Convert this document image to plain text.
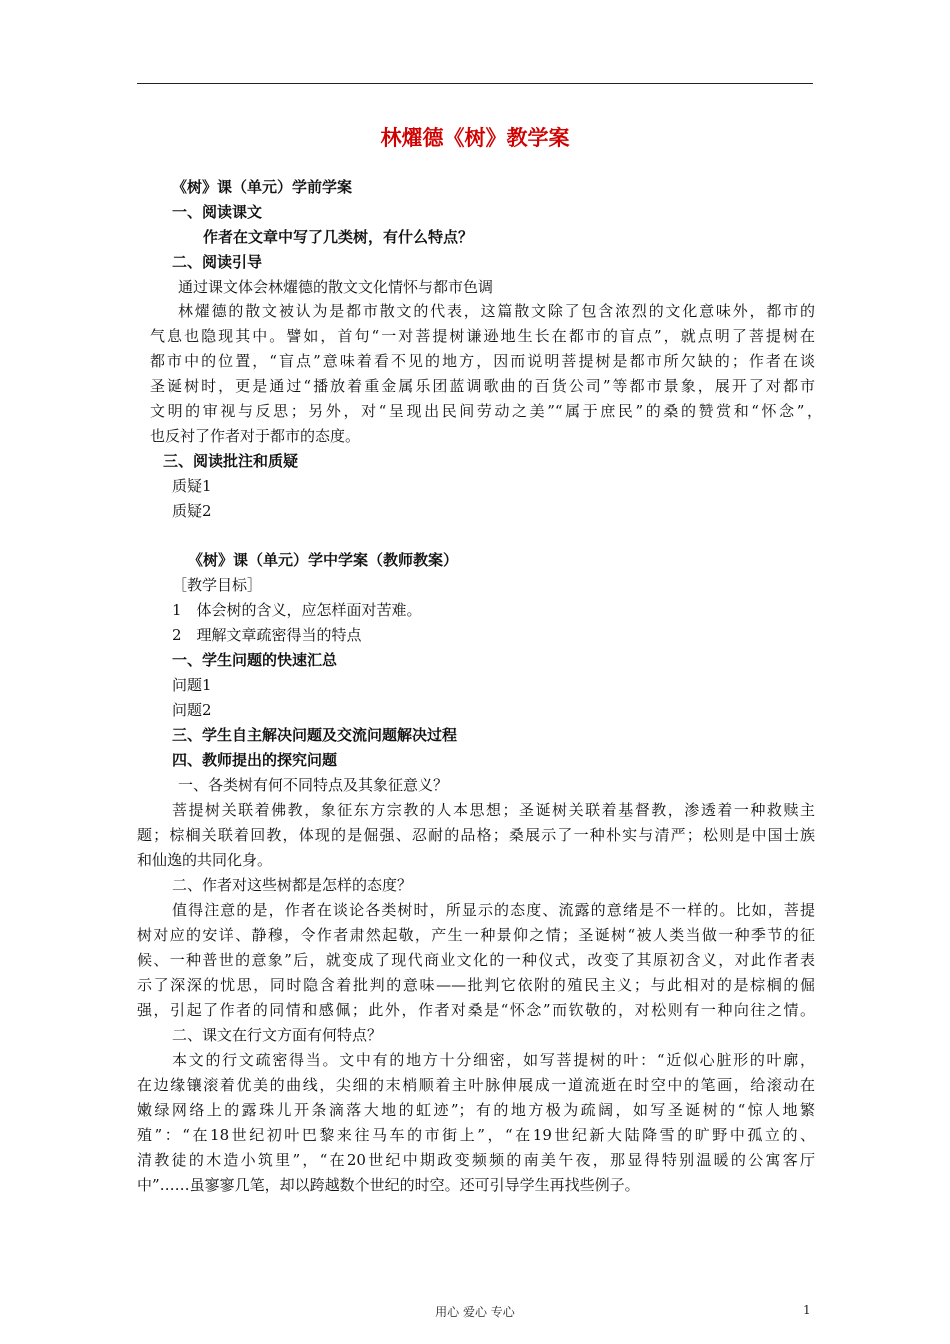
林燿德《树》教学案
《树》课（单元）学前学案
一、阅读课文
作者在文章中写了几类树，有什么特点？
二、阅读引导
通过课文体会林燿德的散文文化情怀与都市色调
林燿德的散文被认为是都市散文的代表，这篇散文除了包含浓烈的文化意味外，都市的
气息也隐现其中。譬如，首句“一对菩提树谦逊地生长在都市的盲点”，就点明了菩提树在
都市中的位置，“盲点”意味着看不见的地方，因而说明菩提树是都市所欠缺的；作者在谈
圣诞树时，更是通过“播放着重金属乐团蓝调歌曲的百货公司”等都市景象，展开了对都市
文明的审视与反思；另外，对“呈现出民间劳动之美”“属于庶民”的桑的赞赏和“怀念”，
也反衬了作者对于都市的态度。
三、阅读批注和质疑
质疑1
质疑2
《树》课（单元）学中学案（教师教案）
［教学目标］
1　体会树的含义，应怎样面对苦难。
2　理解文章疏密得当的特点
一、学生问题的快速汇总
问题1
问题2
三、学生自主解决问题及交流问题解决过程
四、教师提出的探究问题
一、各类树有何不同特点及其象征意义？
菩提树关联着佛教，象征东方宗教的人本思想；圣诞树关联着基督教，渗透着一种救赎主
题；棕榈关联着回教，体现的是倔强、忍耐的品格；桑展示了一种朴实与清严；松则是中国士族
和仙逸的共同化身。
二、作者对这些树都是怎样的态度？
值得注意的是，作者在谈论各类树时，所显示的态度、流露的意绪是不一样的。比如，菩提
树对应的安详、静穆，令作者肃然起敬，产生一种景仰之情；圣诞树“被人类当做一种季节的征
候、一种普世的意象”后，就变成了现代商业文化的一种仪式，改变了其原初含义，对此作者表
示了深深的忧思，同时隐含着批判的意味——批判它依附的殖民主义；与此相对的是棕榈的倔
强，引起了作者的同情和感佩；此外，作者对桑是“怀念”而钦敬的，对松则有一种向往之情。
二、课文在行文方面有何特点？
本文的行文疏密得当。文中有的地方十分细密，如写菩提树的叶：“近似心脏形的叶廓，
在边缘镶滚着优美的曲线，尖细的末梢顺着主叶脉伸展成一道流逝在时空中的笔画，给滚动在
嫩绿网络上的露珠儿开条滴落大地的虹迹”；有的地方极为疏阔，如写圣诞树的“惊人地繁
殖”：“在18世纪初叶巴黎来往马车的市街上”，“在19世纪新大陆降雪的旷野中孤立的、
清教徒的木造小筑里”，“在20世纪中期政变频频的南美午夜，那显得特别温暖的公寓客厅
中”……虽寥寥几笔，却以跨越数个世纪的时空。还可引导学生再找些例子。
用心 爱心 专心	1
